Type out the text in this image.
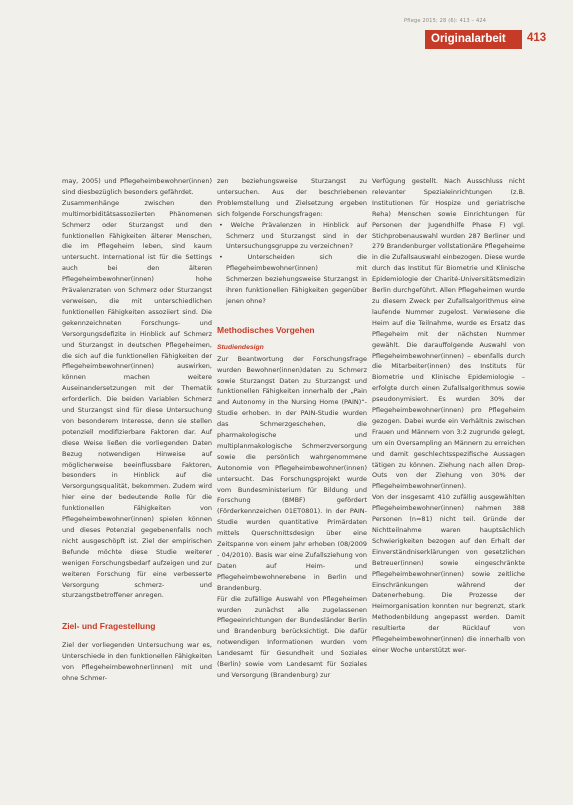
Pflege 2015; 28 (6): 413 – 424
Originalarbeit 413

may, 2005) und Pflegeheimbewohner(innen) sind diesbezüglich besonders gefährdet.

Zusammenhänge zwischen den multimorbiditätsassoziierten Phänomenen Schmerz oder Sturzangst und den funktionellen Fähigkeiten älterer Menschen, die im Pflegeheim leben, sind kaum untersucht. International ist für die Settings auch bei den älteren Pflegeheimbewohner(innen) hohe Prävalenzraten von Schmerz oder Sturzangst verweisen, die mit unterschiedlichen funktionellen Fähigkeiten assoziiert sind. Die gekennzeichneten Forschungs- und Versorgungsdefizite in Hinblick auf Schmerz und Sturzangst in deutschen Pflegeheimen, die sich auf die funktionellen Fähigkeiten der Pflegeheimbewohner(innen) auswirken, können machen weitere Auseinandersetzungen mit der Thematik erforderlich. Die beiden Variablen Schmerz und Sturzangst sind für diese Untersuchung von besonderem Interesse, denn sie stellen potenziell modifizierbare Faktoren dar. Auf diese Weise ließen die vorliegenden Daten Bezug notwendigen Hinweise auf möglicherweise beeinflussbare Faktoren, besonders in Hinblick auf die Versorgungsqualität, bekommen. Zudem wird hier eine der bedeutende Rolle für die funktionellen Fähigkeiten von Pflegeheimbewohner(innen) spielen können und dieses Potenzial gegebenenfalls noch nicht ausgeschöpft ist. Ziel der empirischen Befunde möchte diese Studie weiterer wenigen Forschungsbedarf aufzeigen und zur weiteren Forschung für eine verbesserte Versorgung schmerz- und sturzangstbetroffener anregen.

Ziel- und Fragestellung

Ziel der vorliegenden Untersuchung war es, Unterschiede in den funktionellen Fähigkeiten von Pflegeheimbewohner(innen) mit und ohne Schmer-

zen beziehungsweise Sturzangst zu untersuchen. Aus der beschriebenen Problemstellung und Zielsetzung ergeben sich folgende Forschungsfragen:

• Welche Prävalenzen in Hinblick auf Schmerz und Sturzangst sind in der Untersuchungsgruppe zu verzeichnen?

• Unterscheiden sich die Pflegeheimbewohner(innen) mit Schmerzen beziehungsweise Sturzangst in ihren funktionellen Fähigkeiten gegenüber jenen ohne?

Methodisches Vorgehen

Studiendesign

Zur Beantwortung der Forschungsfrage wurden Bewohner(innen)daten zu Schmerz sowie Sturzangst Daten zu Sturzangst und funktionellen Fähigkeiten innerhalb der „Pain and Autonomy in the Nursing Home (PAIN)“-Studie erhoben. In der PAIN-Studie wurden das Schmerzgeschehen, die pharmakologische und multiplanmakologische Schmerzversorgung sowie die persönlich wahrgenommene Autonomie von Pflegeheimbewohner(innen) untersucht. Das Forschungsprojekt wurde vom Bundesministerium für Bildung und Forschung (BMBF) gefördert (Förderkennzeichen 01ET0801). In der PAIN-Studie wurden quantitative Primärdaten mittels Querschnittsdesign über eine Zeitspanne von einem Jahr erhoben (08/2009 - 04/2010). Basis war eine Zufallsziehung von Daten auf Heim- und Pflegeheimbewohnerebene in Berlin und Brandenburg.

Für die zufällige Auswahl von Pflegeheimen wurden zunächst alle zugelassenen Pflegeeinrichtungen der Bundesländer Berlin und Brandenburg berücksichtigt. Die dafür notwendigen Informationen wurden vom Landesamt für Gesundheit und Soziales (Berlin) sowie vom Landesamt für Soziales und Versorgung (Brandenburg) zur

Verfügung gestellt. Nach Ausschluss nicht relevanter Spezialeinrichtungen (z.B. Institutionen für Hospize und geriatrische Reha) Menschen sowie Einrichtungen für Personen der Jugendhilfe Phase F) vgl. Stichprobenauswahl wurden 287 Berliner und 279 Brandenburger vollstationäre Pflegeheime in die Zufallsauswahl einbezogen. Diese wurde durch das Institut für Biometrie und Klinische Epidemiologie der Charité-Universitätsmedizin Berlin durchgeführt. Allen Pflegeheimen wurde zu diesem Zweck per Zufallsalgorithmus eine laufende Nummer zugelost. Verwiesene die Heim auf die Teilnahme, wurde es Ersatz das Pflegeheim mit der nächsten Nummer gewählt. Die darauffolgende Auswahl von Pflegeheimbewohner(innen) – ebenfalls durch die Mitarbeiter(innen) des Instituts für Biometrie und Klinische Epidemiologie – erfolgte durch einen Zufallsalgorithmus sowie pseudonymisiert. Es wurden 30% der Pflegeheimbewohner(innen) pro Pflegeheim gezogen. Dabei wurde ein Verhältnis zwischen Frauen und Männern von 3:2 zugrunde gelegt, um ein Oversampling an Männern zu erreichen und damit geschlechtsspezifische Aussagen tätigen zu können. Ziehung nach allen Drop-Outs von der Ziehung von 30% der Pflegeheimbewohner(innen).

Von der insgesamt 410 zufällig ausgewählten Pflegeheimbewohner(innen) nahmen 388 Personen (n=81) nicht teil. Gründe der Nichtteilnahme waren hauptsächlich Schwierigkeiten bezogen auf den Erhalt der Einverständniserklärungen von gesetzlichen Betreuer(innen) sowie eingeschränkte Pflegeheimbewohner(innen) sowie zeitliche Einschränkungen während der Datenerhebung. Die Prozesse der Heimorganisation konnten nur begrenzt, stark Methodenbildung angepasst werden. Damit resultierte der Rücklauf von Pflegeheimbewohner(innen) die innerhalb von einer Woche unterstützt wer-
